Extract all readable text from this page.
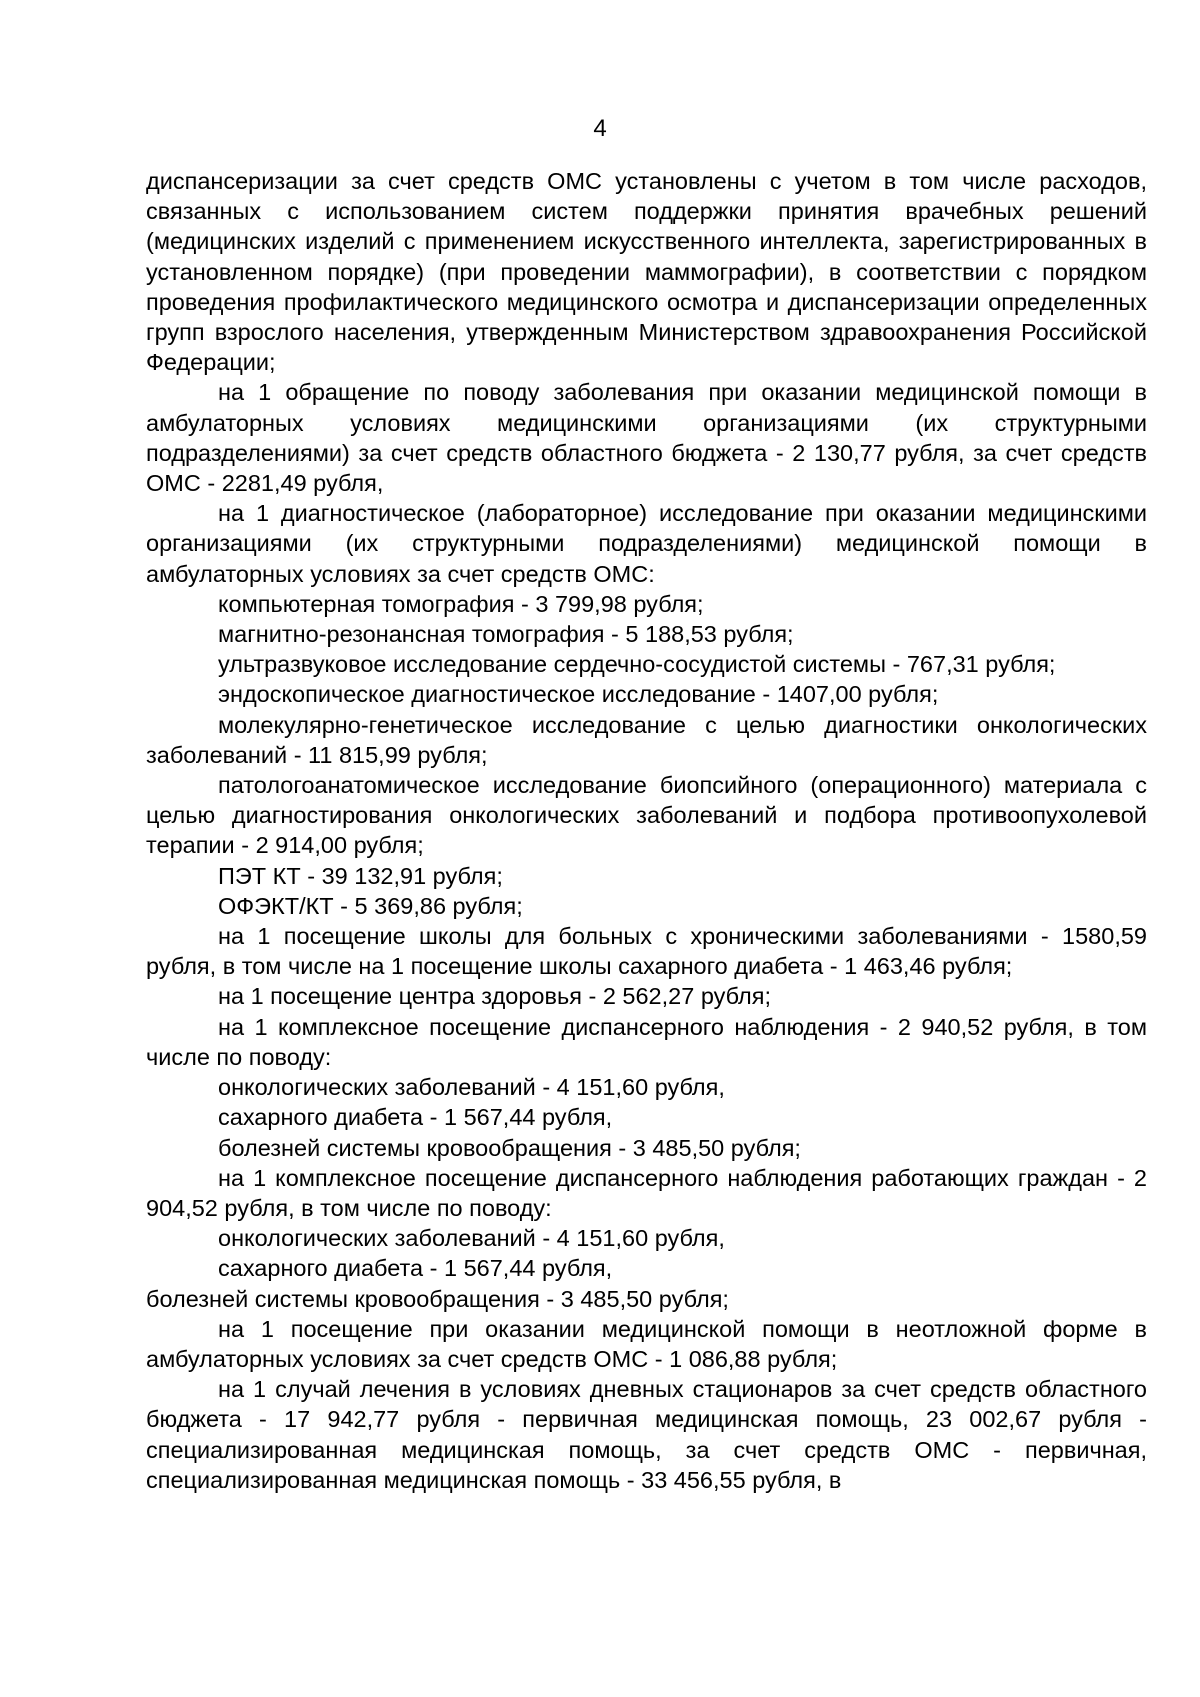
4

диспансеризации за счет средств ОМС установлены с учетом в том числе расходов, связанных с использованием систем поддержки принятия врачебных решений (медицинских изделий с применением искусственного интеллекта, зарегистрированных в установленном порядке) (при проведении маммографии), в соответствии с порядком проведения профилактического медицинского осмотра и диспансеризации определенных групп взрослого населения, утвержденным Министерством здравоохранения Российской Федерации;

на 1 обращение по поводу заболевания при оказании медицинской помощи в амбулаторных условиях медицинскими организациями (их структурными подразделениями) за счет средств областного бюджета - 2 130,77 рубля, за счет средств ОМС - 2281,49 рубля,

на 1 диагностическое (лабораторное) исследование при оказании медицинскими организациями (их структурными подразделениями) медицинской помощи в амбулаторных условиях за счет средств ОМС:

компьютерная томография - 3 799,98 рубля;

магнитно-резонансная томография - 5 188,53 рубля;

ультразвуковое исследование сердечно-сосудистой системы - 767,31 рубля;

эндоскопическое диагностическое исследование - 1407,00 рубля;

молекулярно-генетическое исследование с целью диагностики онкологических заболеваний - 11 815,99 рубля;

патологоанатомическое исследование биопсийного (операционного) материала с целью диагностирования онкологических заболеваний и подбора противоопухолевой терапии - 2 914,00 рубля;

ПЭТ КТ - 39 132,91 рубля;

ОФЭКТ/КТ - 5 369,86 рубля;

на 1 посещение школы для больных с хроническими заболеваниями - 1580,59 рубля, в том числе на 1 посещение школы сахарного диабета - 1 463,46 рубля;

на 1 посещение центра здоровья - 2 562,27 рубля;

на 1 комплексное посещение диспансерного наблюдения - 2 940,52 рубля, в том числе по поводу:

онкологических заболеваний - 4 151,60 рубля,

сахарного диабета - 1 567,44 рубля,

болезней системы кровообращения - 3 485,50 рубля;

на 1 комплексное посещение диспансерного наблюдения работающих граждан - 2 904,52 рубля, в том числе по поводу:

онкологических заболеваний - 4 151,60 рубля,

сахарного диабета - 1 567,44 рубля,

болезней системы кровообращения - 3 485,50 рубля;

на 1 посещение при оказании медицинской помощи в неотложной форме в амбулаторных условиях за счет средств ОМС - 1 086,88 рубля;

на 1 случай лечения в условиях дневных стационаров за счет средств областного бюджета - 17 942,77 рубля - первичная медицинская помощь, 23 002,67 рубля - специализированная медицинская помощь, за счет средств ОМС - первичная, специализированная медицинская помощь - 33 456,55 рубля, в
